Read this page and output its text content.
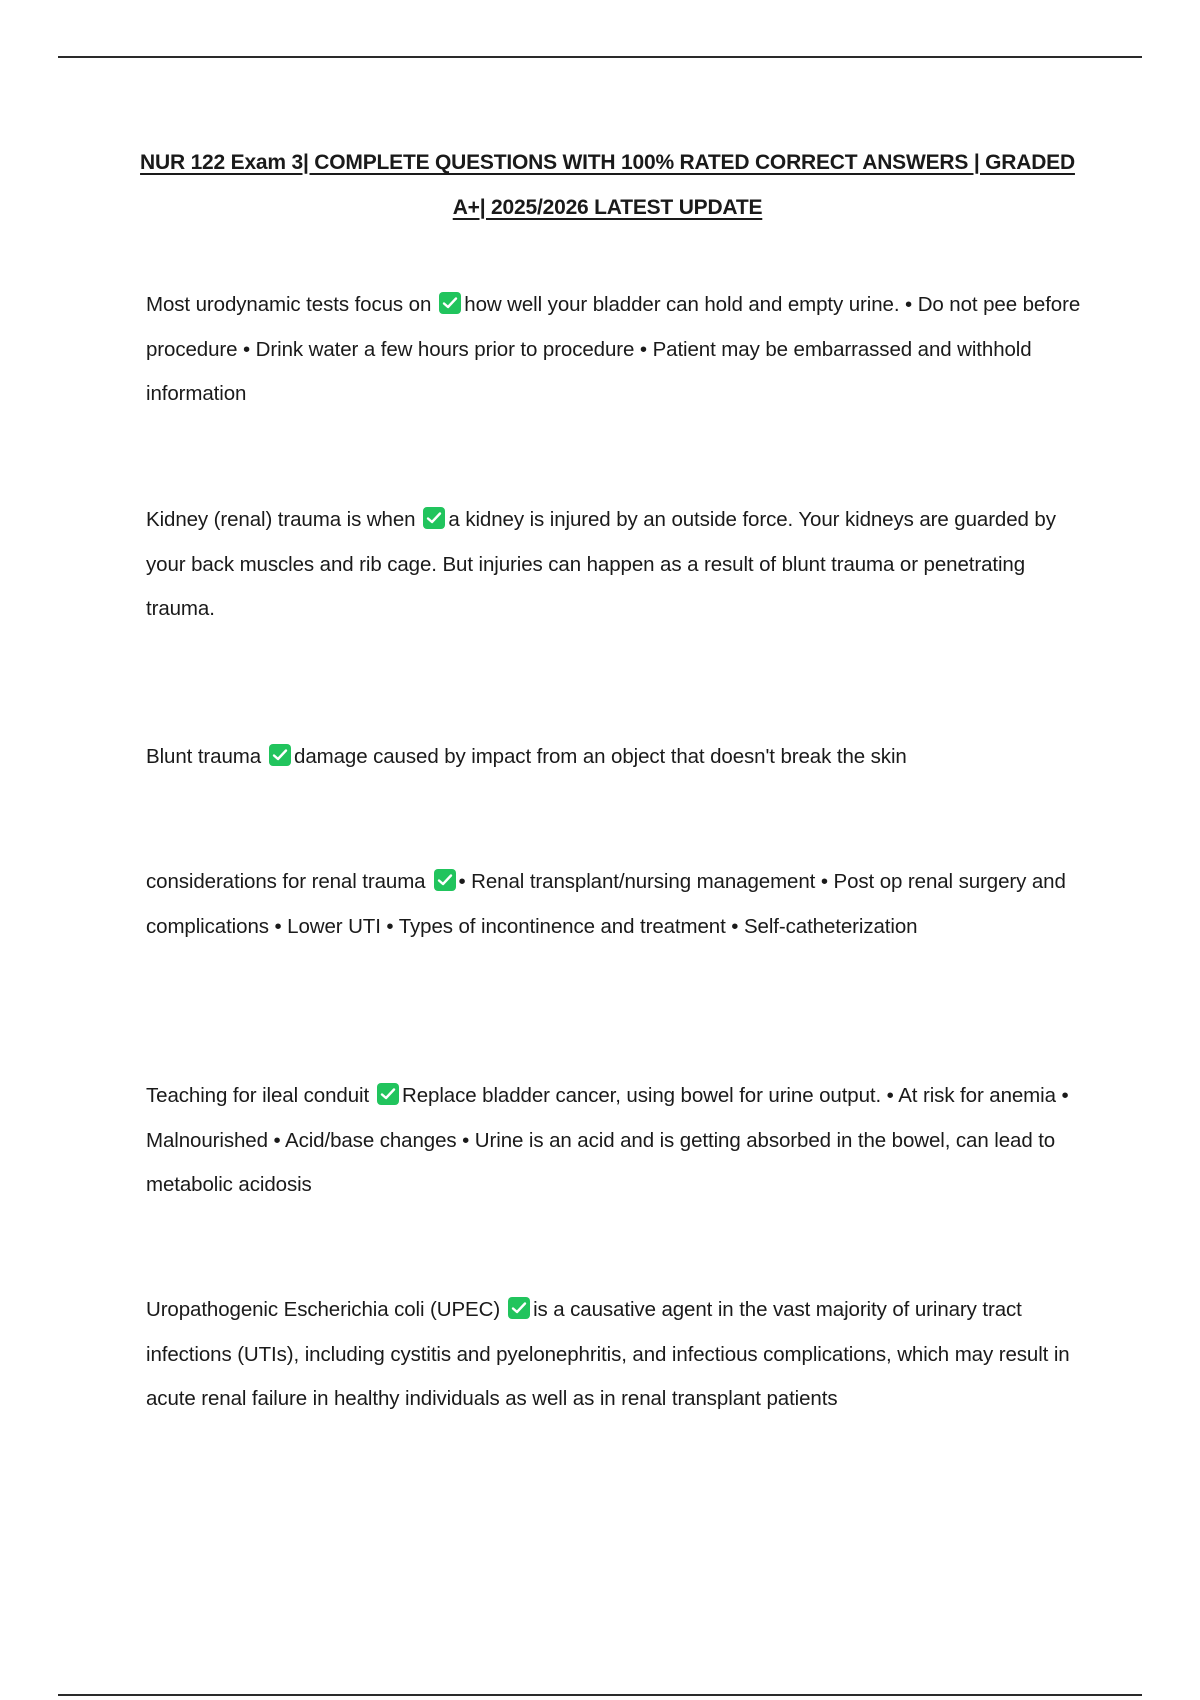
NUR 122 Exam 3| COMPLETE QUESTIONS WITH 100% RATED CORRECT ANSWERS | GRADED A+| 2025/2026 LATEST UPDATE
Most urodynamic tests focus on how well your bladder can hold and empty urine. • Do not pee before procedure • Drink water a few hours prior to procedure • Patient may be embarrassed and withhold information
Kidney (renal) trauma is when a kidney is injured by an outside force. Your kidneys are guarded by your back muscles and rib cage. But injuries can happen as a result of blunt trauma or penetrating trauma.
Blunt trauma damage caused by impact from an object that doesn't break the skin
considerations for renal trauma • Renal transplant/nursing management • Post op renal surgery and complications • Lower UTI • Types of incontinence and treatment • Self-catheterization
Teaching for ileal conduit Replace bladder cancer, using bowel for urine output. • At risk for anemia • Malnourished • Acid/base changes • Urine is an acid and is getting absorbed in the bowel, can lead to metabolic acidosis
Uropathogenic Escherichia coli (UPEC) is a causative agent in the vast majority of urinary tract infections (UTIs), including cystitis and pyelonephritis, and infectious complications, which may result in acute renal failure in healthy individuals as well as in renal transplant patients
